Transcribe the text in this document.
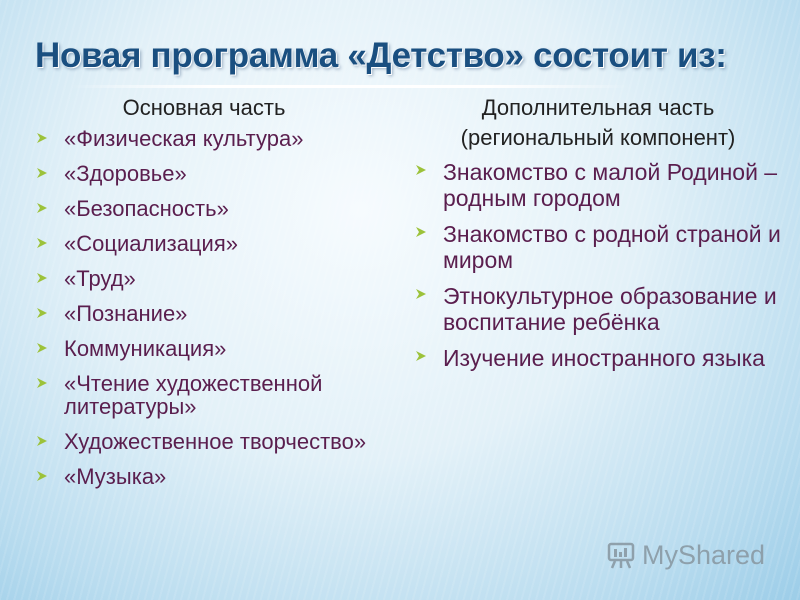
Новая программа «Детство» состоит из:
Основная часть
«Физическая культура»
«Здоровье»
«Безопасность»
«Социализация»
«Труд»
«Познание»
Коммуникация»
«Чтение художественной литературы»
Художественное творчество»
«Музыка»
Дополнительная часть
(региональный компонент)
Знакомство с малой Родиной – родным городом
Знакомство с родной страной и миром
Этнокультурное образование и воспитание ребёнка
Изучение иностранного языка
MyShared
